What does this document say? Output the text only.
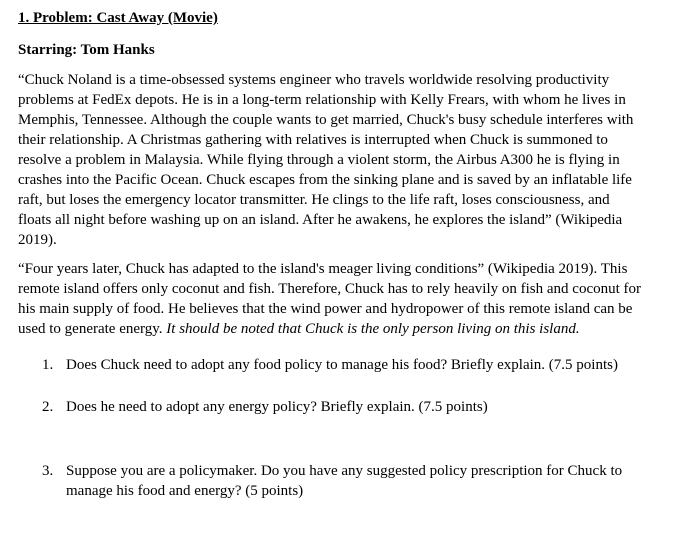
1. Problem: Cast Away (Movie)
Starring: Tom Hanks

“Chuck Noland is a time-obsessed systems engineer who travels worldwide resolving productivity problems at FedEx depots. He is in a long-term relationship with Kelly Frears, with whom he lives in Memphis, Tennessee. Although the couple wants to get married, Chuck's busy schedule interferes with their relationship. A Christmas gathering with relatives is interrupted when Chuck is summoned to resolve a problem in Malaysia. While flying through a violent storm, the Airbus A300 he is flying in crashes into the Pacific Ocean. Chuck escapes from the sinking plane and is saved by an inflatable life raft, but loses the emergency locator transmitter. He clings to the life raft, loses consciousness, and floats all night before washing up on an island. After he awakens, he explores the island” (Wikipedia 2019).

“Four years later, Chuck has adapted to the island's meager living conditions” (Wikipedia 2019). This remote island offers only coconut and fish. Therefore, Chuck has to rely heavily on fish and coconut for his main supply of food. He believes that the wind power and hydropower of this remote island can be used to generate energy. It should be noted that Chuck is the only person living on this island.

1. Does Chuck need to adopt any food policy to manage his food? Briefly explain. (7.5 points)
2. Does he need to adopt any energy policy? Briefly explain. (7.5 points)
3. Suppose you are a policymaker. Do you have any suggested policy prescription for Chuck to manage his food and energy? (5 points)
